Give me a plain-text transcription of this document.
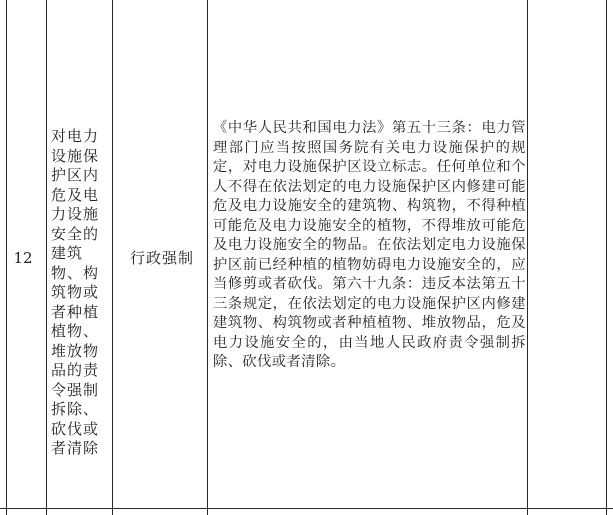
12
对电力设施保护区内危及电力设施安全的建筑物、构筑物或者种植植物、堆放物品的责令强制拆除、砍伐或者清除
行政强制
《中华人民共和国电力法》第五十三条：电力管理部门应当按照国务院有关电力设施保护的规定，对电力设施保护区设立标志。任何单位和个人不得在依法划定的电力设施保护区内修建可能危及电力设施安全的建筑物、构筑物，不得种植可能危及电力设施安全的植物，不得堆放可能危及电力设施安全的物品。在依法划定电力设施保护区前已经种植的植物妨碍电力设施安全的，应当修剪或者砍伐。第六十九条：违反本法第五十三条规定，在依法划定的电力设施保护区内修建建筑物、构筑物或者种植植物、堆放物品，危及电力设施安全的，由当地人民政府责令强制拆除、砍伐或者清除。
